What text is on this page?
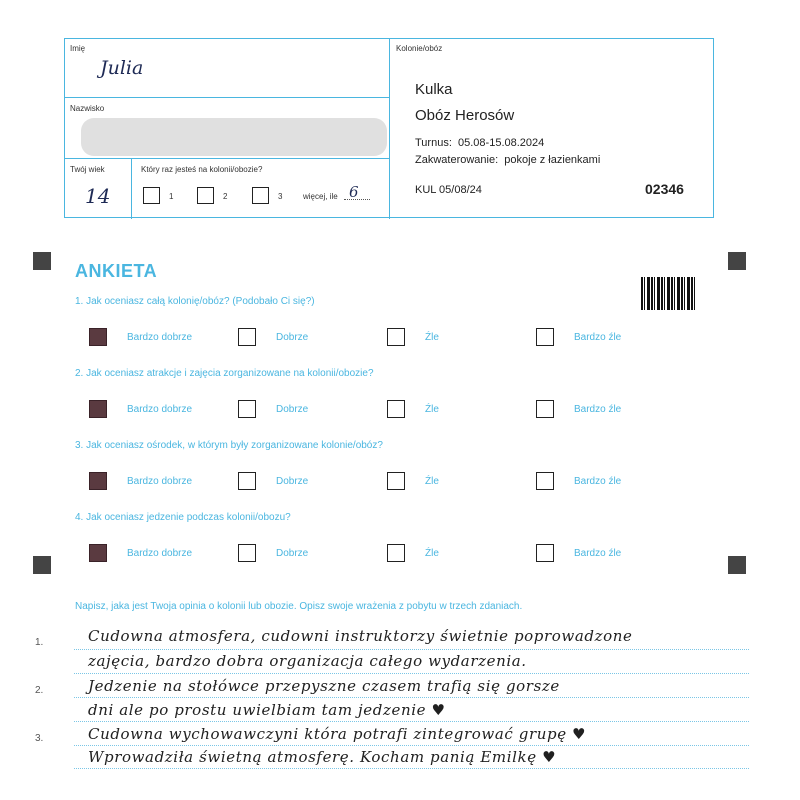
Imię
Julia
Nazwisko
Twój wiek
14
Który raz jesteś na kolonii/obozie?
1	2	3	więcej, ile 6
Kolonie/obóz
Kulka
Obóz Herosów
Turnus: 05.08-15.08.2024
Zakwaterowanie: pokoje z łazienkami
KUL 05/08/24	02346
ANKIETA
1. Jak oceniasz całą kolonię/obóz? (Podobało Ci się?)
Bardzo dobrze	Dobrze	Źle	Bardzo źle
2. Jak oceniasz atrakcje i zajęcia zorganizowane na kolonii/obozie?
Bardzo dobrze	Dobrze	Źle	Bardzo źle
3. Jak oceniasz ośrodek, w którym były zorganizowane kolonie/obóz?
Bardzo dobrze	Dobrze	Źle	Bardzo źle
4. Jak oceniasz jedzenie podczas kolonii/obozu?
Bardzo dobrze	Dobrze	Źle	Bardzo źle
Napisz, jaka jest Twoja opinia o kolonii lub obozie. Opisz swoje wrażenia z pobytu w trzech zdaniach.
1.
2.
3.
Cudowna atmosfera, cudowni instruktorzy świetnie poprowadzone
zajęcia, bardzo dobra organizacja całego wydarzenia.
Jedzenie na stołówce przepyszne czasem trafią się gorsze
dni ale po prostu uwielbiam tam jedzenie ♥
Cudowna wychowawczyni która potrafi zintegrować grupę ♥
Wprowadziła świetną atmosferę. Kocham panią Emilkę ♥
